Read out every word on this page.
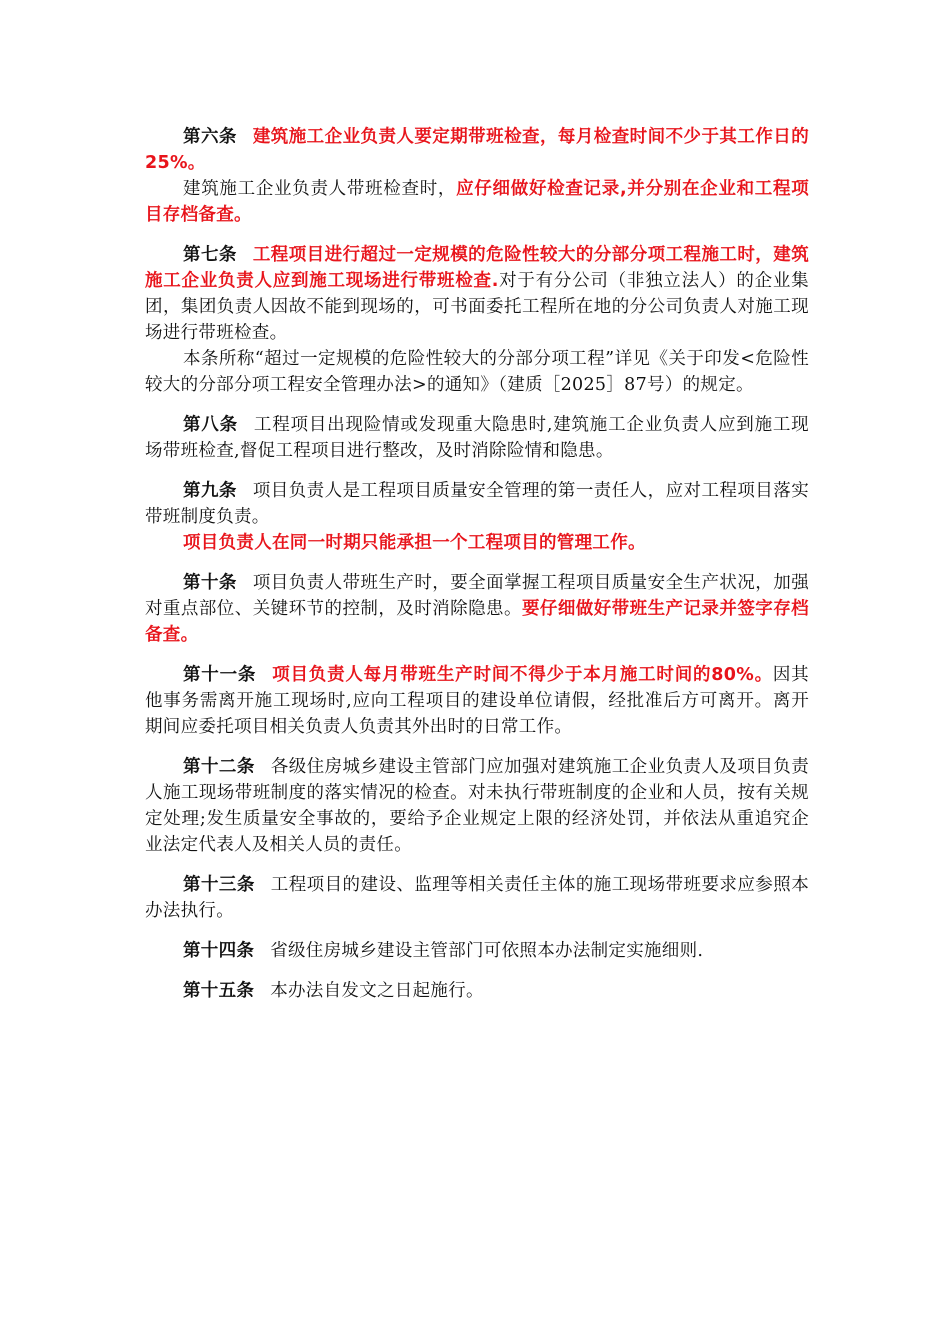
第六条 建筑施工企业负责人要定期带班检查，每月检查时间不少于其工作日的25%。

建筑施工企业负责人带班检查时，应仔细做好检查记录,并分别在企业和工程项目存档备查。

第七条 工程项目进行超过一定规模的危险性较大的分部分项工程施工时，建筑施工企业负责人应到施工现场进行带班检查.对于有分公司（非独立法人）的企业集团，集团负责人因故不能到现场的，可书面委托工程所在地的分公司负责人对施工现场进行带班检查。

本条所称“超过一定规模的危险性较大的分部分项工程”详见《关于印发<危险性较大的分部分项工程安全管理办法>的通知》（建质［2025］87号）的规定。

第八条 工程项目出现险情或发现重大隐患时,建筑施工企业负责人应到施工现场带班检查,督促工程项目进行整改，及时消除险情和隐患。

第九条 项目负责人是工程项目质量安全管理的第一责任人，应对工程项目落实带班制度负责。

项目负责人在同一时期只能承担一个工程项目的管理工作。

第十条 项目负责人带班生产时，要全面掌握工程项目质量安全生产状况，加强对重点部位、关键环节的控制，及时消除隐患。要仔细做好带班生产记录并签字存档备查。

第十一条 项目负责人每月带班生产时间不得少于本月施工时间的80%。因其他事务需离开施工现场时,应向工程项目的建设单位请假，经批准后方可离开。离开期间应委托项目相关负责人负责其外出时的日常工作。

第十二条 各级住房城乡建设主管部门应加强对建筑施工企业负责人及项目负责人施工现场带班制度的落实情况的检查。对未执行带班制度的企业和人员，按有关规定处理;发生质量安全事故的，要给予企业规定上限的经济处罚，并依法从重追究企业法定代表人及相关人员的责任。

第十三条 工程项目的建设、监理等相关责任主体的施工现场带班要求应参照本办法执行。

第十四条 省级住房城乡建设主管部门可依照本办法制定实施细则.

第十五条 本办法自发文之日起施行。
